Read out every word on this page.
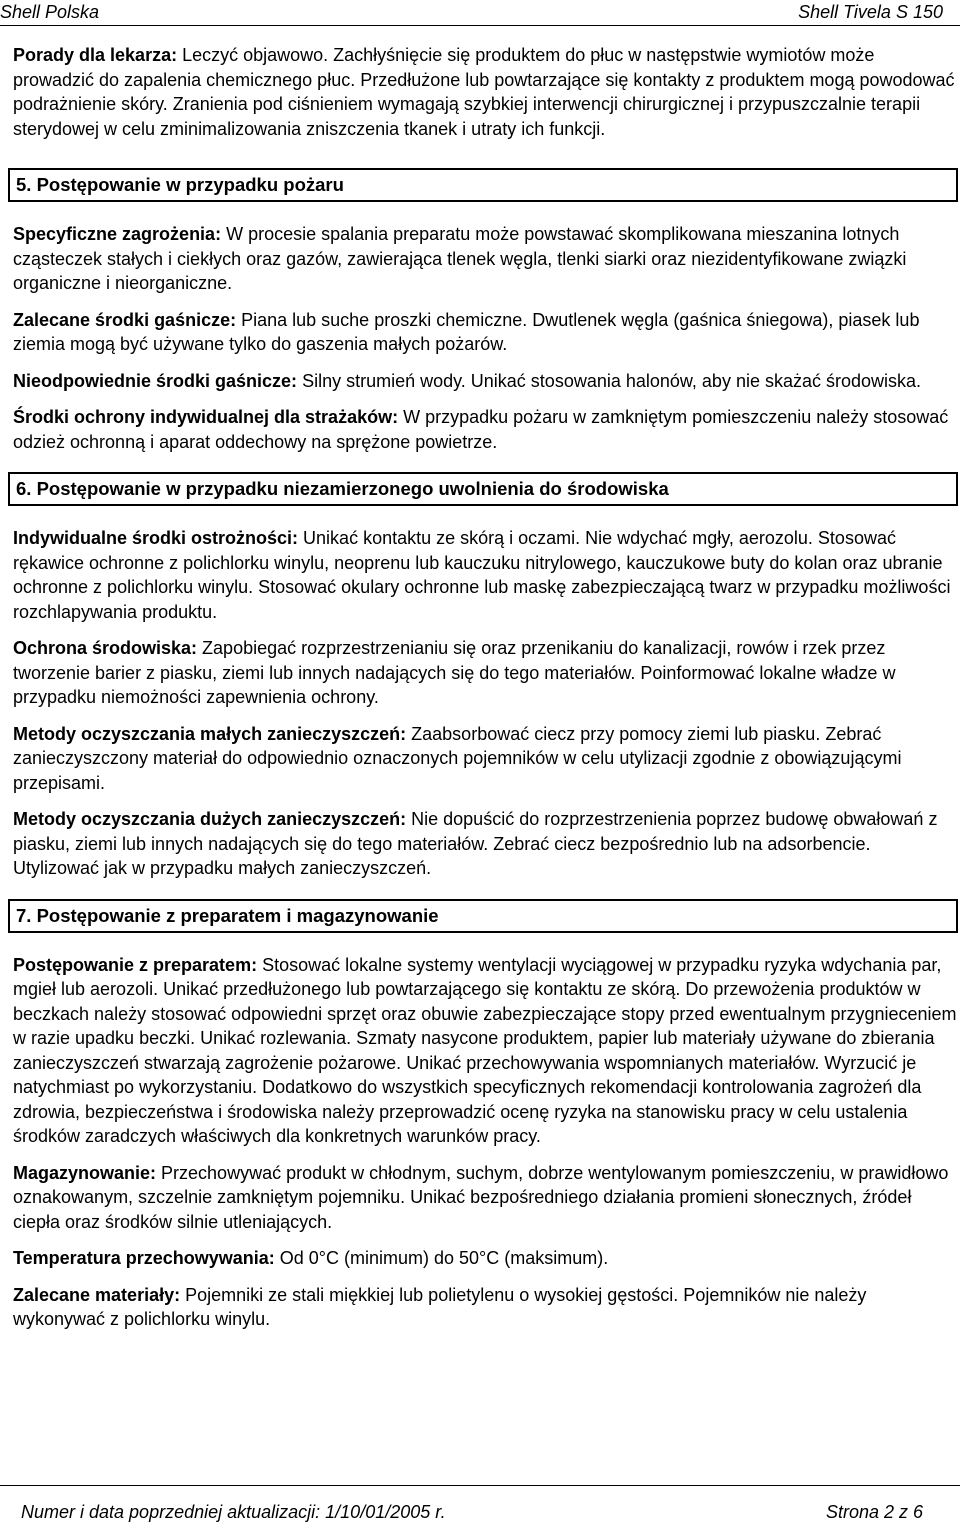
Shell Polska	Shell Tivela S 150

Porady dla lekarza: Leczyć objawowo. Zachłyśnięcie się produktem do płuc w następstwie wymiotów może prowadzić do zapalenia chemicznego płuc. Przedłużone lub powtarzające się kontakty z produktem mogą powodować podrażnienie skóry. Zranienia pod ciśnieniem wymagają szybkiej interwencji chirurgicznej i przypuszczalnie terapii sterydowej w celu zminimalizowania zniszczenia tkanek i utraty ich funkcji.

5. Postępowanie w przypadku pożaru

Specyficzne zagrożenia: W procesie spalania preparatu może powstawać skomplikowana mieszanina lotnych cząsteczek stałych i ciekłych oraz gazów, zawierająca tlenek węgla, tlenki siarki oraz niezidentyfikowane związki organiczne i nieorganiczne.

Zalecane środki gaśnicze: Piana lub suche proszki chemiczne. Dwutlenek węgla (gaśnica śniegowa), piasek lub ziemia mogą być używane tylko do gaszenia małych pożarów.

Nieodpowiednie środki gaśnicze: Silny strumień wody. Unikać stosowania halonów, aby nie skażać środowiska.

Środki ochrony indywidualnej dla strażaków: W przypadku pożaru w zamkniętym pomieszczeniu należy stosować odzież ochronną i aparat oddechowy na sprężone powietrze.

6. Postępowanie w przypadku niezamierzonego uwolnienia do środowiska

Indywidualne środki ostrożności: Unikać kontaktu ze skórą i oczami. Nie wdychać mgły, aerozolu. Stosować rękawice ochronne z polichlorku winylu, neoprenu lub kauczuku nitrylowego, kauczukowe buty do kolan oraz ubranie ochronne z polichlorku winylu. Stosować okulary ochronne lub maskę zabezpieczającą twarz w przypadku możliwości rozchlapywania produktu.

Ochrona środowiska: Zapobiegać rozprzestrzenianiu się oraz przenikaniu do kanalizacji, rowów i rzek przez tworzenie barier z piasku, ziemi lub innych nadających się do tego materiałów. Poinformować lokalne władze w przypadku niemożności zapewnienia ochrony.

Metody oczyszczania małych zanieczyszczeń: Zaabsorbować ciecz przy pomocy ziemi lub piasku. Zebrać zanieczyszczony materiał do odpowiednio oznaczonych pojemników w celu utylizacji zgodnie z obowiązującymi przepisami.

Metody oczyszczania dużych zanieczyszczeń: Nie dopuścić do rozprzestrzenienia poprzez budowę obwałowań z piasku, ziemi lub innych nadających się do tego materiałów. Zebrać ciecz bezpośrednio lub na adsorbencie. Utylizować jak w przypadku małych zanieczyszczeń.

7. Postępowanie z preparatem i magazynowanie

Postępowanie z preparatem: Stosować lokalne systemy wentylacji wyciągowej w przypadku ryzyka wdychania par, mgieł lub aerozoli. Unikać przedłużonego lub powtarzającego się kontaktu ze skórą. Do przewożenia produktów w beczkach należy stosować odpowiedni sprzęt oraz obuwie zabezpieczające stopy przed ewentualnym przygnieceniem w razie upadku beczki. Unikać rozlewania. Szmaty nasycone produktem, papier lub materiały używane do zbierania zanieczyszczeń stwarzają zagrożenie pożarowe. Unikać przechowywania wspomnianych materiałów. Wyrzucić je natychmiast po wykorzystaniu. Dodatkowo do wszystkich specyficznych rekomendacji kontrolowania zagrożeń dla zdrowia, bezpieczeństwa i środowiska należy przeprowadzić ocenę ryzyka na stanowisku pracy w celu ustalenia środków zaradczych właściwych dla konkretnych warunków pracy.

Magazynowanie: Przechowywać produkt w chłodnym, suchym, dobrze wentylowanym pomieszczeniu, w prawidłowo oznakowanym, szczelnie zamkniętym pojemniku. Unikać bezpośredniego działania promieni słonecznych, źródeł ciepła oraz środków silnie utleniających.

Temperatura przechowywania: Od 0°C (minimum) do 50°C (maksimum).

Zalecane materiały: Pojemniki ze stali miękkiej lub polietylenu o wysokiej gęstości. Pojemników nie należy wykonywać z polichlorku winylu.

Numer i data poprzedniej aktualizacji: 1/10/01/2005 r.	Strona 2 z 6
